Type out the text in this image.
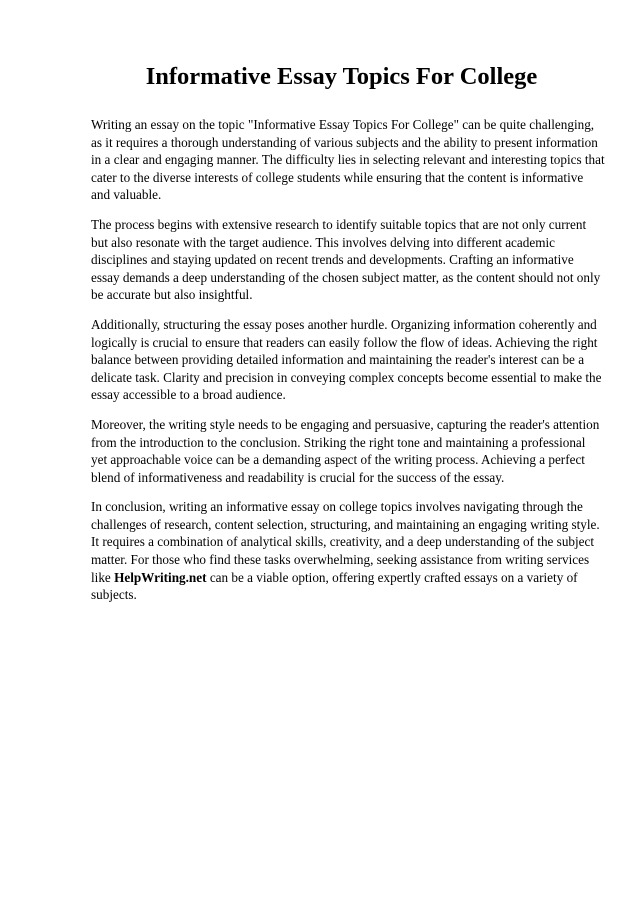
Informative Essay Topics For College

Writing an essay on the topic "Informative Essay Topics For College" can be quite challenging,
as it requires a thorough understanding of various subjects and the ability to present information
in a clear and engaging manner. The difficulty lies in selecting relevant and interesting topics that
cater to the diverse interests of college students while ensuring that the content is informative
and valuable.

The process begins with extensive research to identify suitable topics that are not only current
but also resonate with the target audience. This involves delving into different academic
disciplines and staying updated on recent trends and developments. Crafting an informative
essay demands a deep understanding of the chosen subject matter, as the content should not only
be accurate but also insightful.

Additionally, structuring the essay poses another hurdle. Organizing information coherently and
logically is crucial to ensure that readers can easily follow the flow of ideas. Achieving the right
balance between providing detailed information and maintaining the reader's interest can be a
delicate task. Clarity and precision in conveying complex concepts become essential to make the
essay accessible to a broad audience.

Moreover, the writing style needs to be engaging and persuasive, capturing the reader's attention
from the introduction to the conclusion. Striking the right tone and maintaining a professional
yet approachable voice can be a demanding aspect of the writing process. Achieving a perfect
blend of informativeness and readability is crucial for the success of the essay.

In conclusion, writing an informative essay on college topics involves navigating through the
challenges of research, content selection, structuring, and maintaining an engaging writing style.
It requires a combination of analytical skills, creativity, and a deep understanding of the subject
matter. For those who find these tasks overwhelming, seeking assistance from writing services
like HelpWriting.net can be a viable option, offering expertly crafted essays on a variety of
subjects.
